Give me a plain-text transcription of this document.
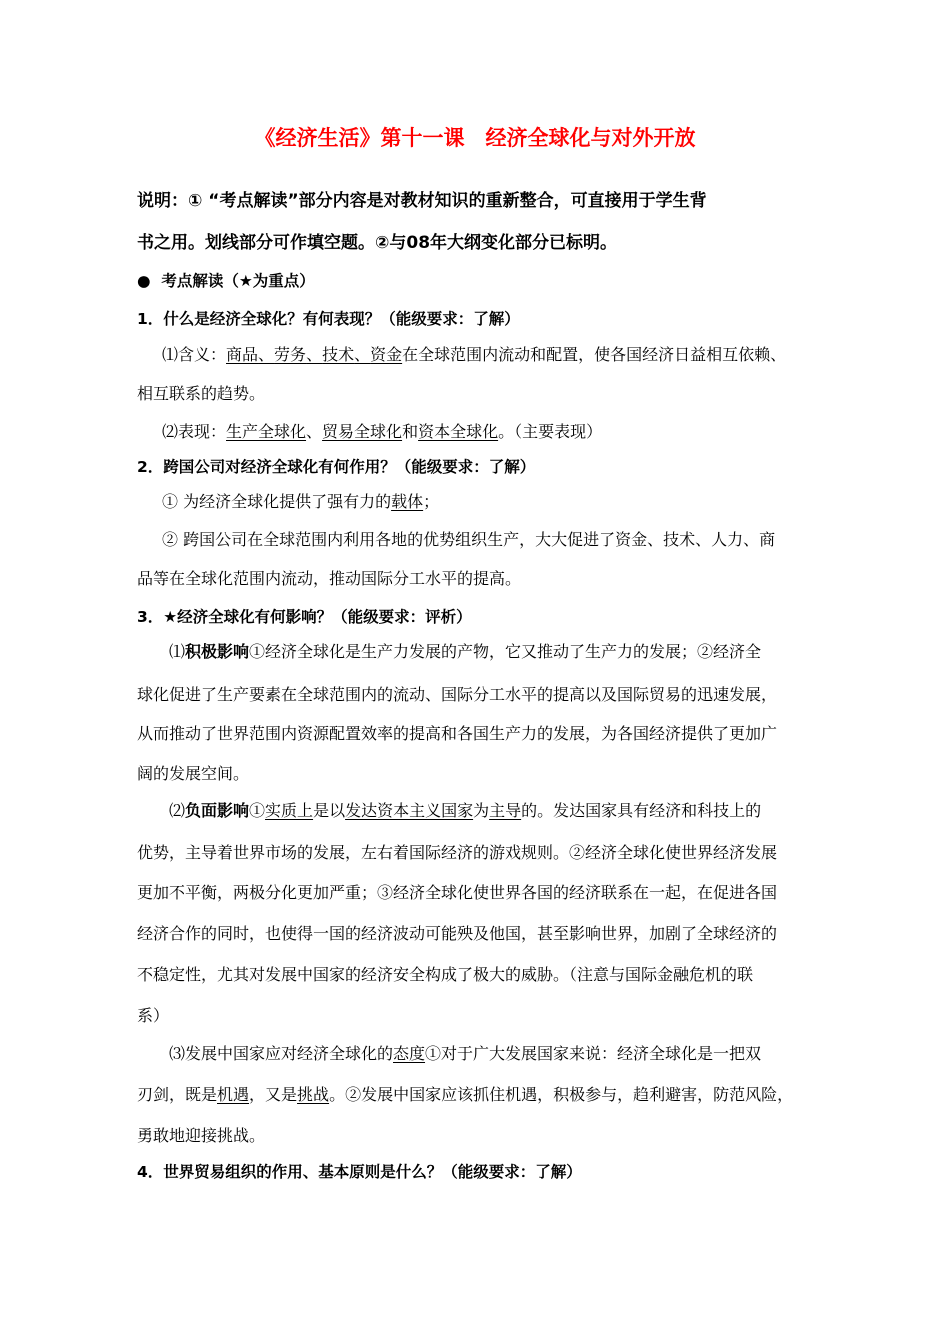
《经济生活》第十一课　经济全球化与对外开放
说明：① “考点解读”部分内容是对教材知识的重新整合，可直接用于学生背
书之用。划线部分可作填空题。②与08年大纲变化部分已标明。
● 考点解读（★为重点）
1．什么是经济全球化？有何表现？（能级要求：了解）
⑴含义：商品、劳务、技术、资金在全球范围内流动和配置，使各国经济日益相互依赖、
相互联系的趋势。
⑵表现：生产全球化、贸易全球化和资本全球化。（主要表现）
2．跨国公司对经济全球化有何作用？（能级要求：了解）
① 为经济全球化提供了强有力的载体；
② 跨国公司在全球范围内利用各地的优势组织生产，大大促进了资金、技术、人力、商
品等在全球化范围内流动，推动国际分工水平的提高。
3．★经济全球化有何影响？（能级要求：评析）
⑴积极影响①经济全球化是生产力发展的产物，它又推动了生产力的发展；②经济全
球化促进了生产要素在全球范围内的流动、国际分工水平的提高以及国际贸易的迅速发展，
从而推动了世界范围内资源配置效率的提高和各国生产力的发展，为各国经济提供了更加广
阔的发展空间。
⑵负面影响①实质上是以发达资本主义国家为主导的。发达国家具有经济和科技上的
优势，主导着世界市场的发展，左右着国际经济的游戏规则。②经济全球化使世界经济发展
更加不平衡，两极分化更加严重；③经济全球化使世界各国的经济联系在一起，在促进各国
经济合作的同时，也使得一国的经济波动可能殃及他国，甚至影响世界，加剧了全球经济的
不稳定性，尤其对发展中国家的经济安全构成了极大的威胁。（注意与国际金融危机的联
系）
⑶发展中国家应对经济全球化的态度①对于广大发展国家来说：经济全球化是一把双
刃剑，既是机遇，又是挑战。②发展中国家应该抓住机遇，积极参与，趋利避害，防范风险，
勇敢地迎接挑战。
4．世界贸易组织的作用、基本原则是什么？（能级要求：了解）
